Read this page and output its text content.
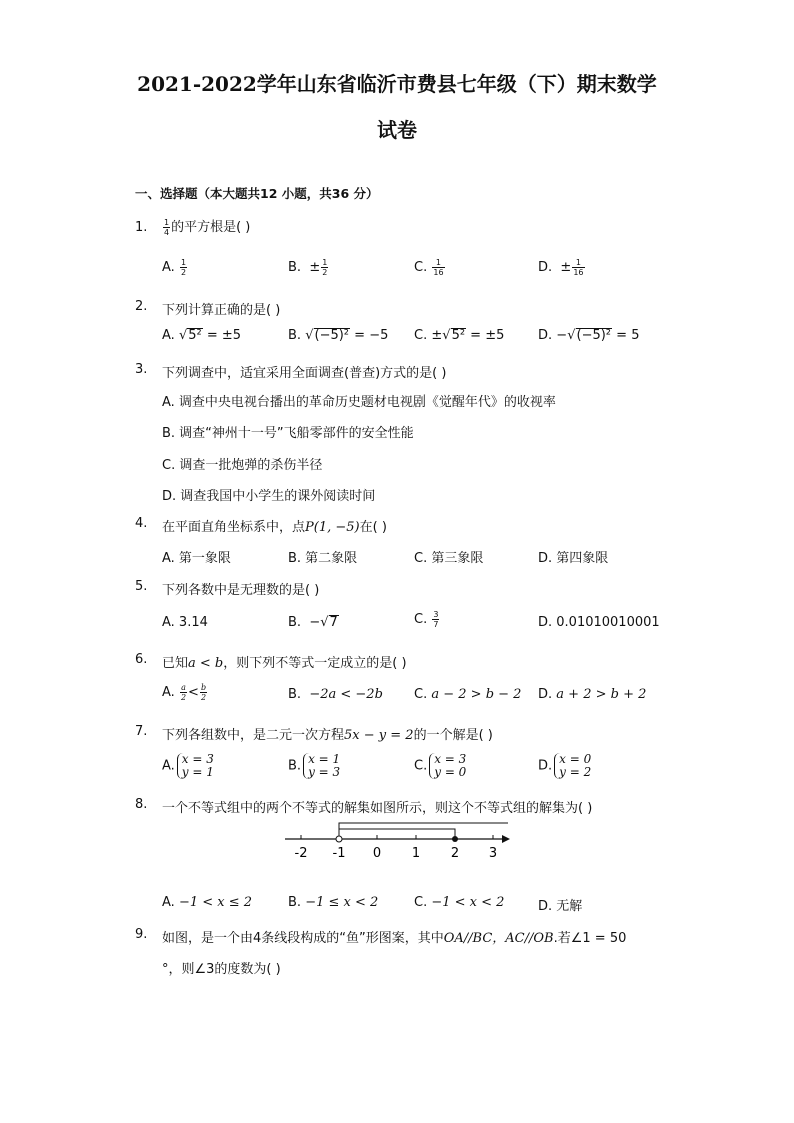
2021-2022学年山东省临沂市费县七年级（下）期末数学
试卷
一、选择题（本大题共12 小题，共36 分）
1. $\frac{1}{4}$ 的平方根是( )
A. $\frac{1}{2}$	B. ± $\frac{1}{2}$	C. $\frac{1}{16}$	D. ± $\frac{1}{16}$
2. 下列计算正确的是( )
A. √5² = ±5	B. √(−5)² = −5 C. ±√5² = ±5	D. −√(−5)² = 5
3. 下列调查中，适宜采用全面调查(普查)方式的是( )
A. 调查中央电视台播出的革命历史题材电视剧《觉醒年代》的收视率
B. 调查“神州十一号”飞船零部件的安全性能
C. 调查一批炮弹的杀伤半径
D. 调查我国中小学生的课外阅读时间
4. 在平面直角坐标系中，点P(1, −5)在( )
A. 第一象限	B. 第二象限	C. 第三象限	D. 第四象限
5. 下列各数中是无理数的是( )
A. 3.14	B. −√7	C. $\frac{3}{7}$	D. 0.01010010001
6. 已知a < b，则下列不等式一定成立的是( )
A. $\frac{a}{2} < \frac{b}{2}$	B. −2a < −2b C. a − 2 > b − 2 D. a + 2 > b + 2
7. 下列各组数中，是二元一次方程5x − y = 2的一个解是( )
A. x = 3
y = 1	B. x = 1
y = 3	C. x = 3
y = 0	D. x = 0
y = 2
8. 一个不等式组中的两个不等式的解集如图所示，则这个不等式组的解集为( )
-2 -1 0 1 2 3
A. −1 < x ≤ 2	B. −1 ≤ x < 2	C. −1 < x < 2	D. 无解
9. 如图，是一个由4条线段构成的“鱼”形图案，其中OA//BC，AC//OB.若∠1 = 50
°，则∠3的度数为( )
